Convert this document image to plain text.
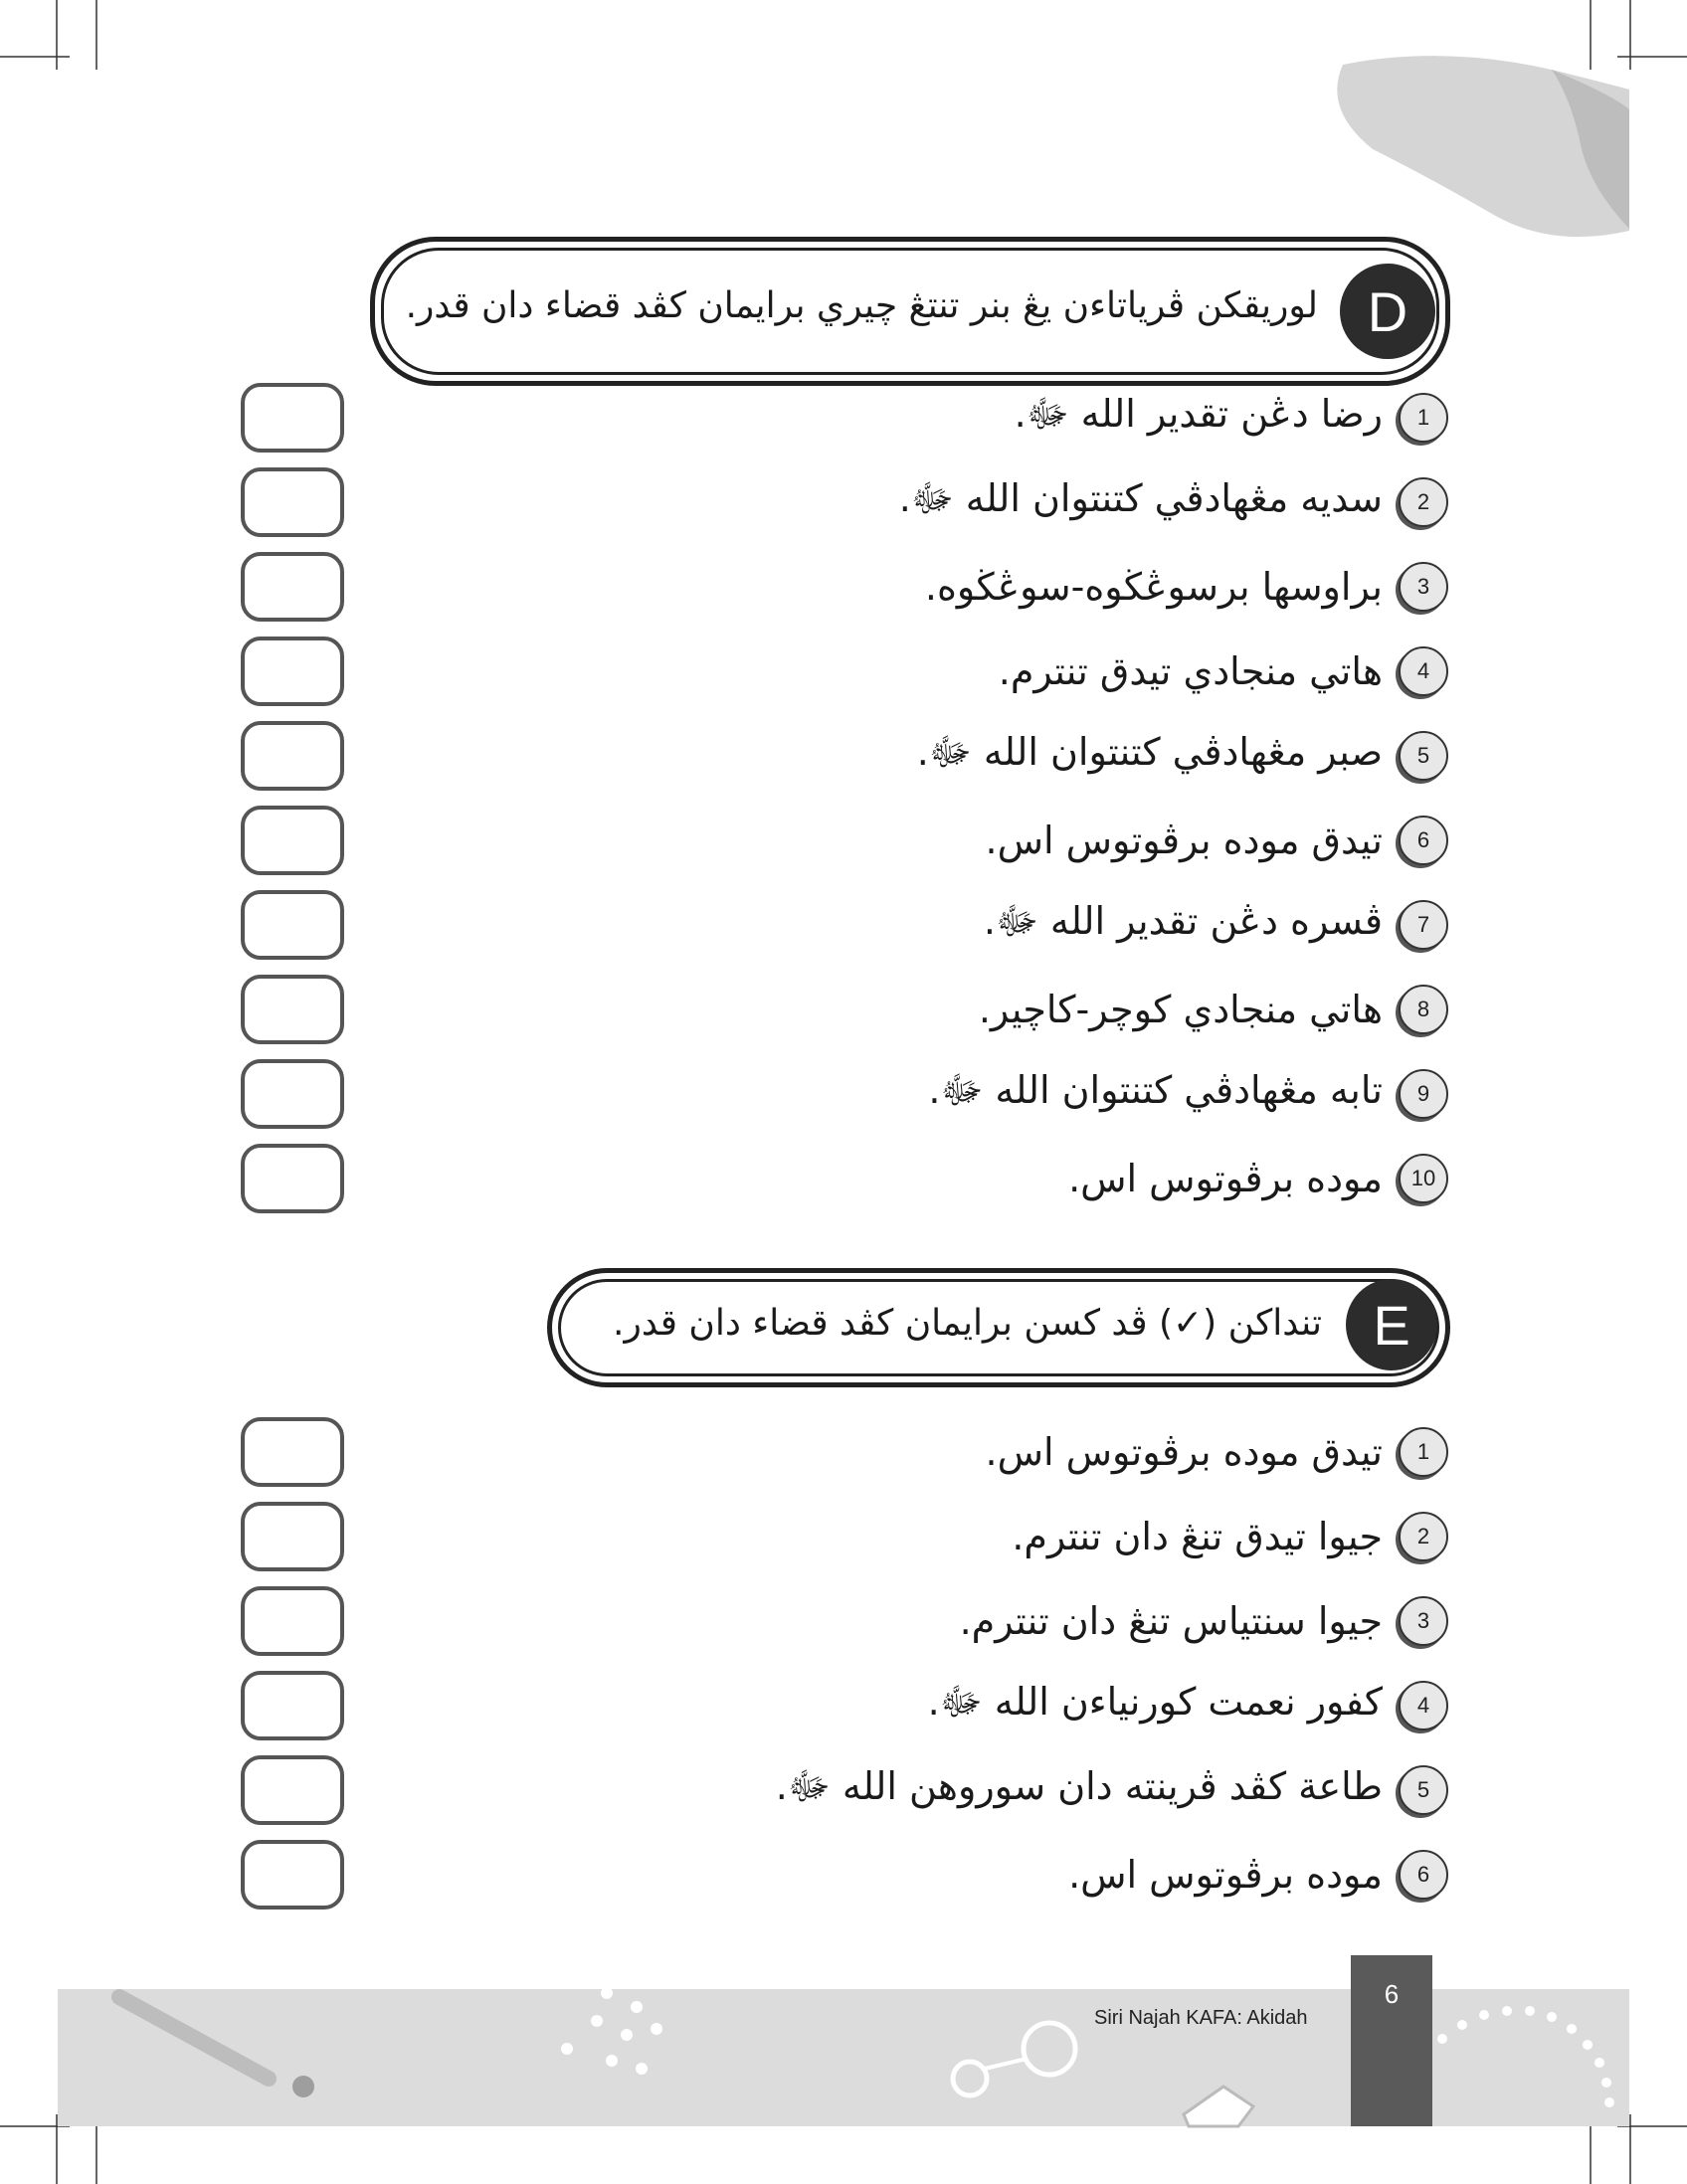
D
لوريقكن ڤرياتاءن يڠ بنر تنتڠ چيري برايمان كڤد قضاء دان قدر.
1
رضا دڠن تقدير الله ﷻ.
2
سديه مڠهادڤي كتنتوان الله ﷻ.
3
براوسها برسوڠڬوه-سوڠڬوه.
4
هاتي منجادي تيدق تنترم.
5
صبر مڠهادڤي كتنتوان الله ﷻ.
6
تيدق موده برڤوتوس اس.
7
ڤسره دڠن تقدير الله ﷻ.
8
هاتي منجادي كوچر-كاچير.
9
تابه مڠهادڤي كتنتوان الله ﷻ.
10
موده برڤوتوس اس.
E
تنداكن (✓) ڤد كسن برايمان كڤد قضاء دان قدر.
1
تيدق موده برڤوتوس اس.
2
جيوا تيدق تنڠ دان تنترم.
3
جيوا سنتياس تنڠ دان تنترم.
4
كفور نعمت كورنياءن الله ﷻ.
5
طاعة كڤد ڤرينته دان سوروهن الله ﷻ.
6
موده برڤوتوس اس.
6
Siri Najah KAFA: Akidah
